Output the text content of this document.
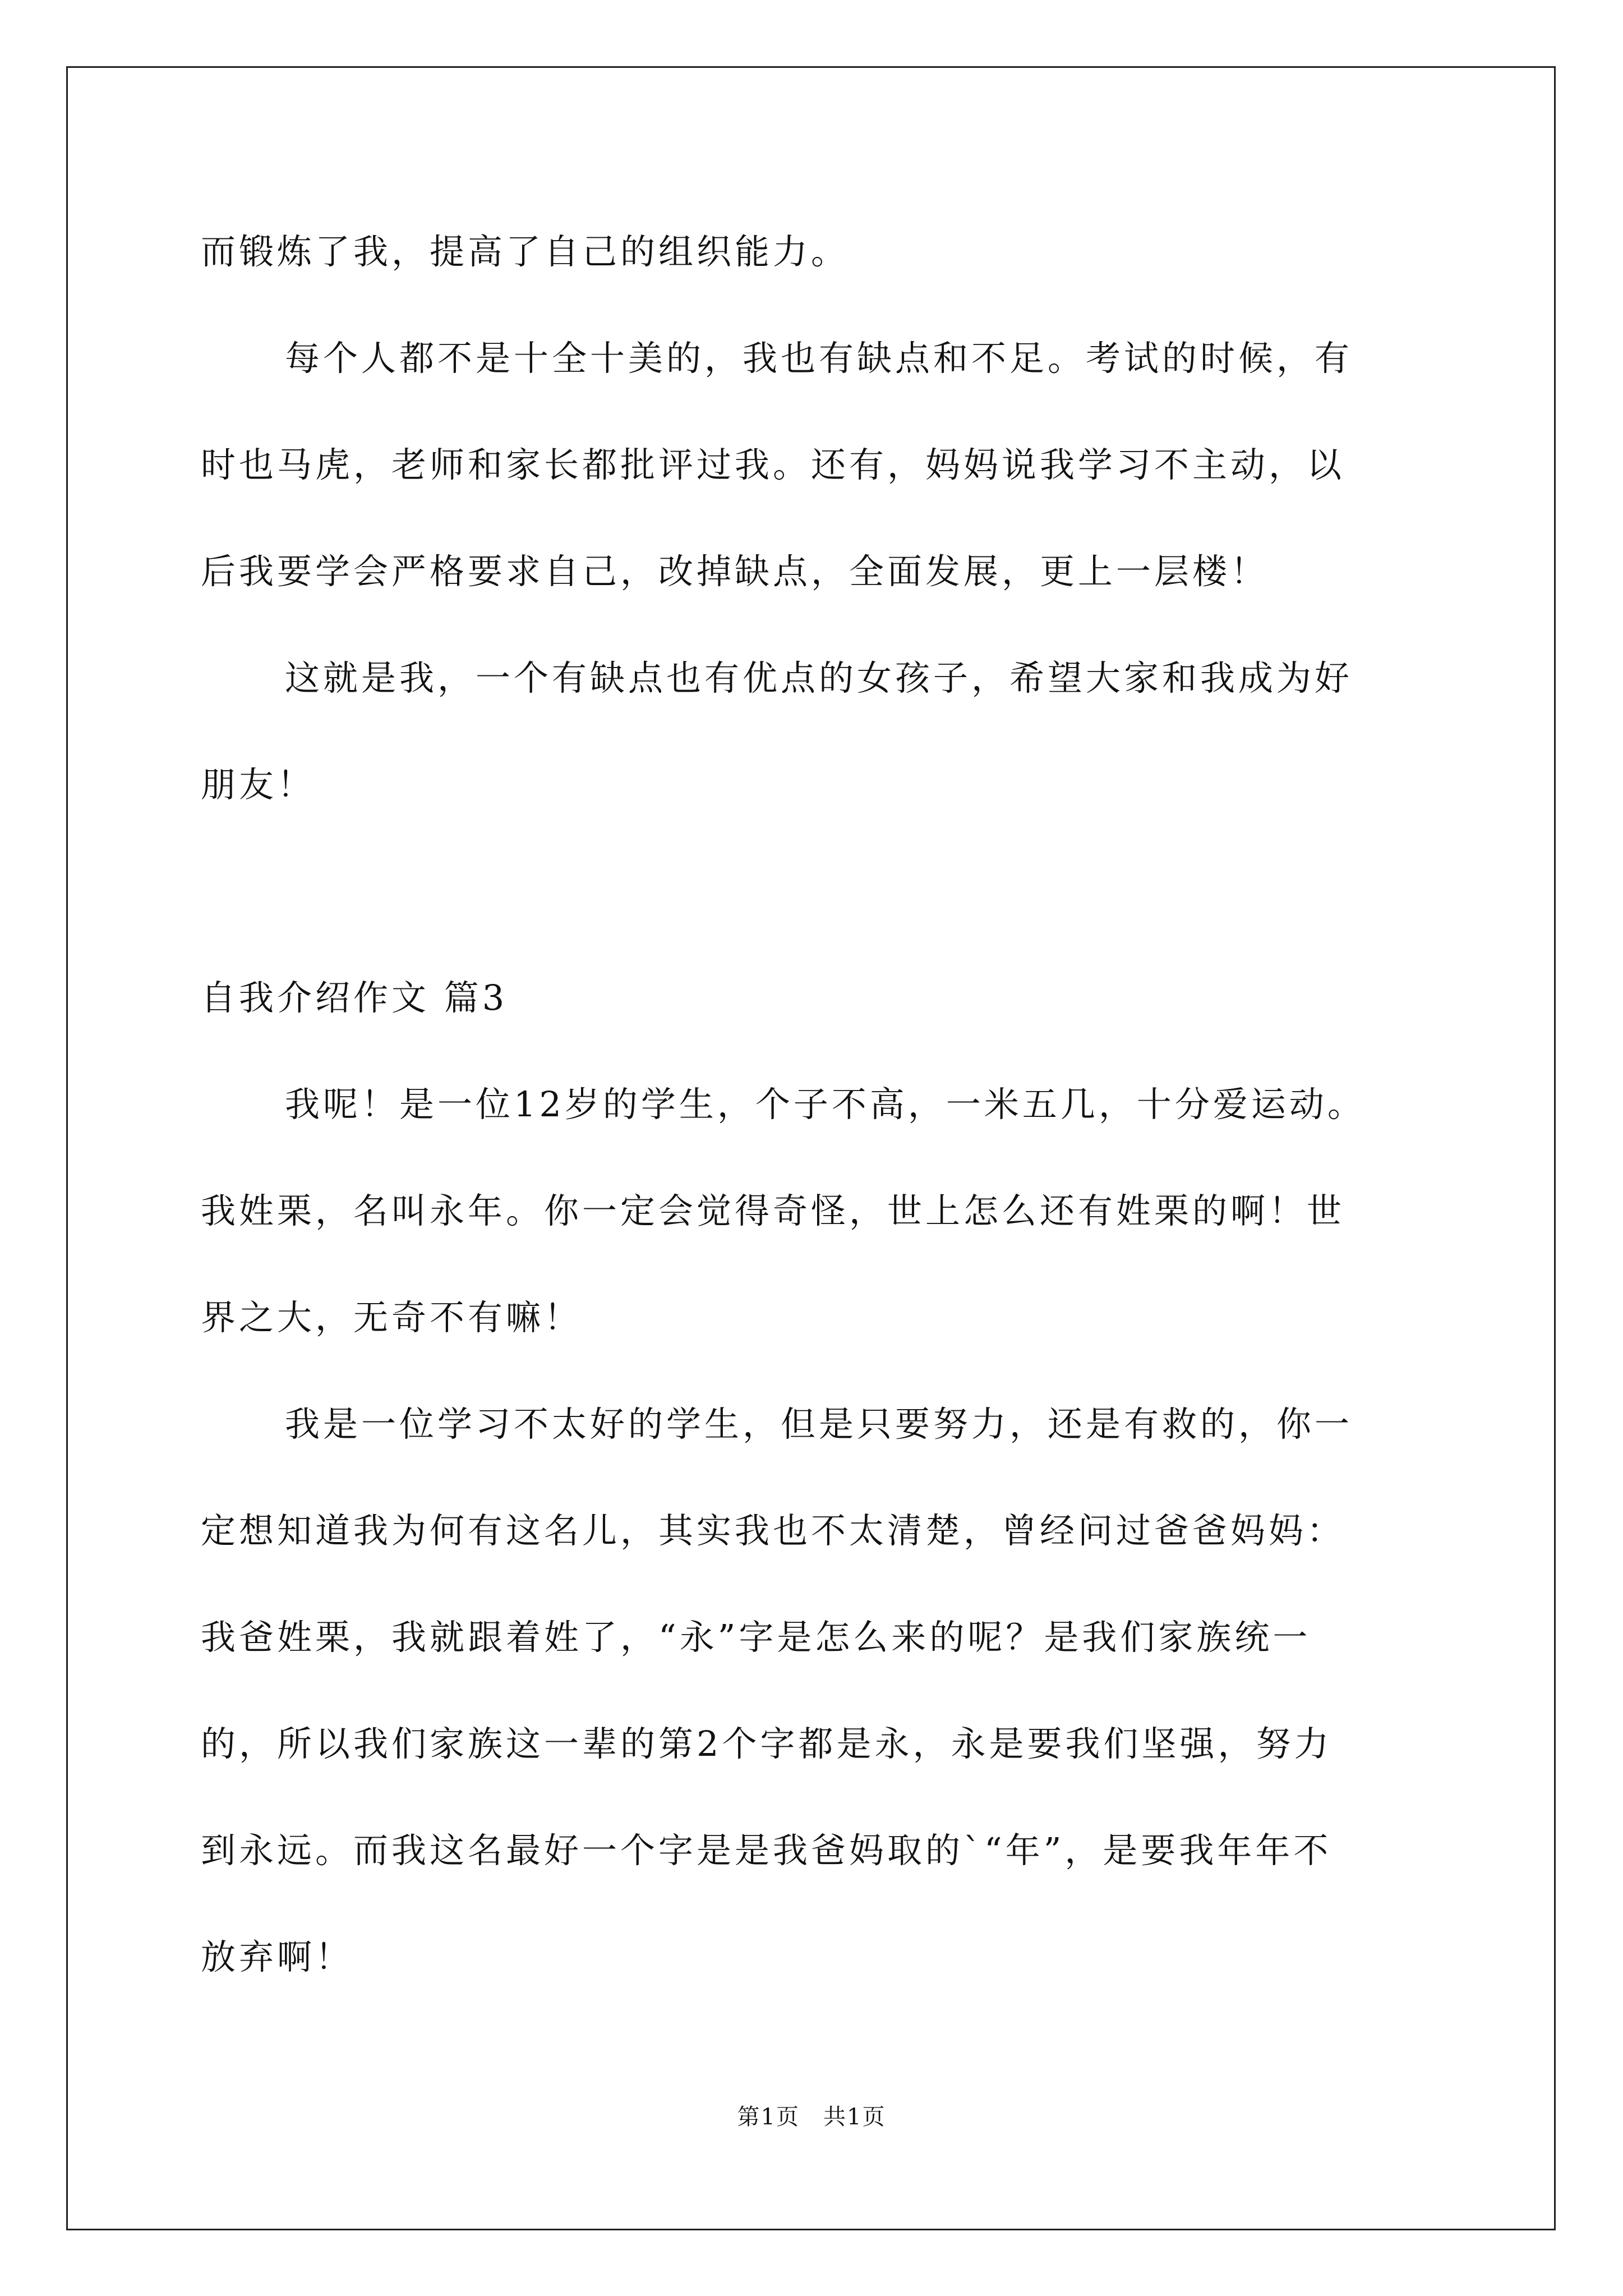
而锻炼了我，提高了自己的组织能力。
每个人都不是十全十美的，我也有缺点和不足。考试的时候，有
时也马虎，老师和家长都批评过我。还有，妈妈说我学习不主动，以
后我要学会严格要求自己，改掉缺点，全面发展，更上一层楼！
这就是我，一个有缺点也有优点的女孩子，希望大家和我成为好
朋友！
自我介绍作文 篇3
我呢！是一位12岁的学生，个子不高，一米五几，十分爱运动。
我姓栗，名叫永年。你一定会觉得奇怪，世上怎么还有姓栗的啊！世
界之大，无奇不有嘛！
我是一位学习不太好的学生，但是只要努力，还是有救的，你一
定想知道我为何有这名儿，其实我也不太清楚，曾经问过爸爸妈妈：
我爸姓栗，我就跟着姓了，“永”字是怎么来的呢？是我们家族统一
的，所以我们家族这一辈的第2个字都是永，永是要我们坚强，努力
到永远。而我这名最好一个字是是我爸妈取的`“年”，是要我年年不
放弃啊！
第1页　共1页
